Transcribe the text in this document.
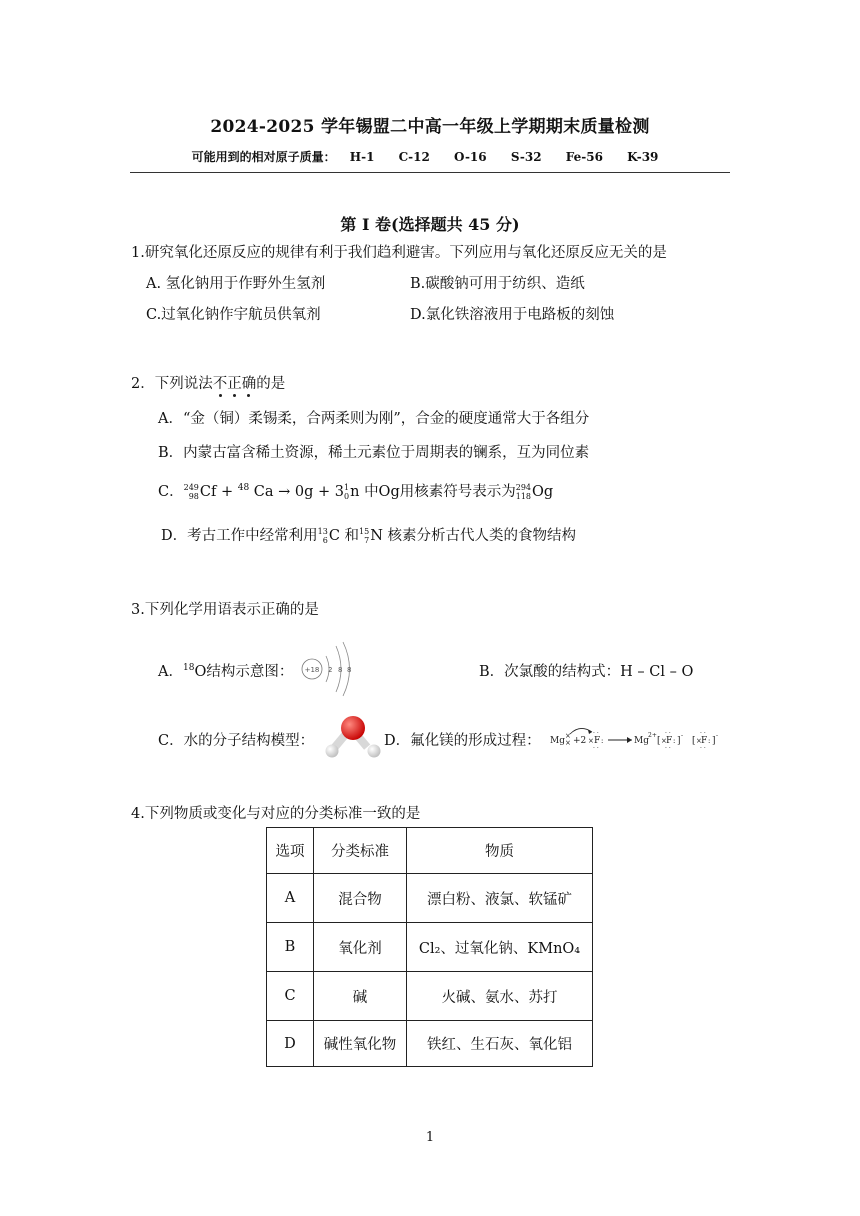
2024-2025 学年锡盟二中高一年级上学期期末质量检测
可能用到的相对原子质量： H-1 C-12 O-16 S-32 Fe-56 K-39
第 I 卷(选择题共 45 分)
1.研究氧化还原反应的规律有利于我们趋利避害。下列应用与氧化还原反应无关的是
A. 氢化钠用于作野外生氢剂	B.碳酸钠可用于纺织、造纸
C.过氧化钠作宇航员供氧剂	D.氯化铁溶液用于电路板的刻蚀
2．下列说法不正确
的是
A．“金（铜）柔锡柔，合两柔则为刚”，合金的硬度通常大于各组分
B．内蒙古富含稀土资源，稀土元素位于周期表的镧系，互为同位素
C．249
98Cf + $^{48}$ Ca → 0g + 31
0n 中Og用核素符号表示为294
118Og
D．考古工作中经常利用13
6C 和15
7N 核素分析古代人类的食物结构
3.下列化学用语表示正确的是
A．$^{18}$O结构示意图： +18 2 8 8	B．次氯酸的结构式：H – Cl – O
C．水的分子结构模型：	D．氟化镁的形成过程： Mg ×
× +2 × F
· ·
· ·
:	Mg
2+
[ × F
· ·
· ·
: ]
-
[ × F
· ·
· ·
: ]
-
4.下列物质或变化与对应的分类标准一致的是
选项	分类标准	物质
A	混合物	漂白粉、液氯、软锰矿
B	氧化剂	Cl₂、过氧化钠、KMnO₄
C	碱	火碱、氨水、苏打
D	碱性氧化物	铁红、生石灰、氧化铝
1
